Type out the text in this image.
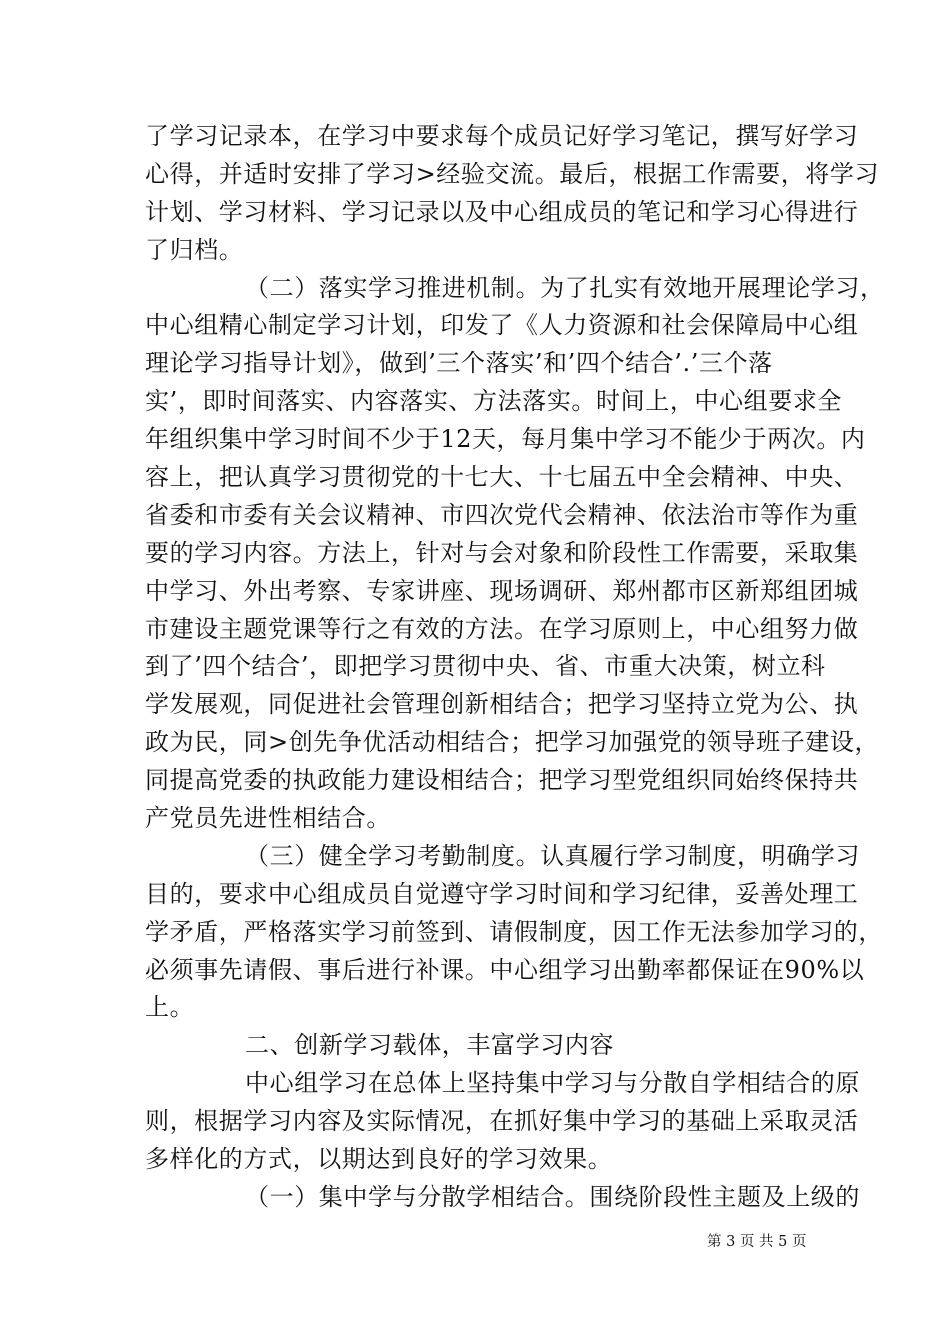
了学习记录本，在学习中要求每个成员记好学习笔记，撰写好学习
心得，并适时安排了学习>经验交流。最后，根据工作需要，将学习
计划、学习材料、学习记录以及中心组成员的笔记和学习心得进行
了归档。
（二）落实学习推进机制。为了扎实有效地开展理论学习，
中心组精心制定学习计划，印发了《人力资源和社会保障局中心组
理论学习指导计划》，做到’三个落实’和’四个结合’.’三个落
实’，即时间落实、内容落实、方法落实。时间上，中心组要求全
年组织集中学习时间不少于12天，每月集中学习不能少于两次。内
容上，把认真学习贯彻党的十七大、十七届五中全会精神、中央、
省委和市委有关会议精神、市四次党代会精神、依法治市等作为重
要的学习内容。方法上，针对与会对象和阶段性工作需要，采取集
中学习、外出考察、专家讲座、现场调研、郑州都市区新郑组团城
市建设主题党课等行之有效的方法。在学习原则上，中心组努力做
到了’四个结合’，即把学习贯彻中央、省、市重大决策，树立科
学发展观，同促进社会管理创新相结合；把学习坚持立党为公、执
政为民，同>创先争优活动相结合；把学习加强党的领导班子建设，
同提高党委的执政能力建设相结合；把学习型党组织同始终保持共
产党员先进性相结合。
（三）健全学习考勤制度。认真履行学习制度，明确学习
目的，要求中心组成员自觉遵守学习时间和学习纪律，妥善处理工
学矛盾，严格落实学习前签到、请假制度，因工作无法参加学习的，
必须事先请假、事后进行补课。中心组学习出勤率都保证在90%以
上。
二、创新学习载体，丰富学习内容
中心组学习在总体上坚持集中学习与分散自学相结合的原
则，根据学习内容及实际情况，在抓好集中学习的基础上采取灵活
多样化的方式，以期达到良好的学习效果。
（一）集中学与分散学相结合。围绕阶段性主题及上级的
第 3 页 共 5 页
